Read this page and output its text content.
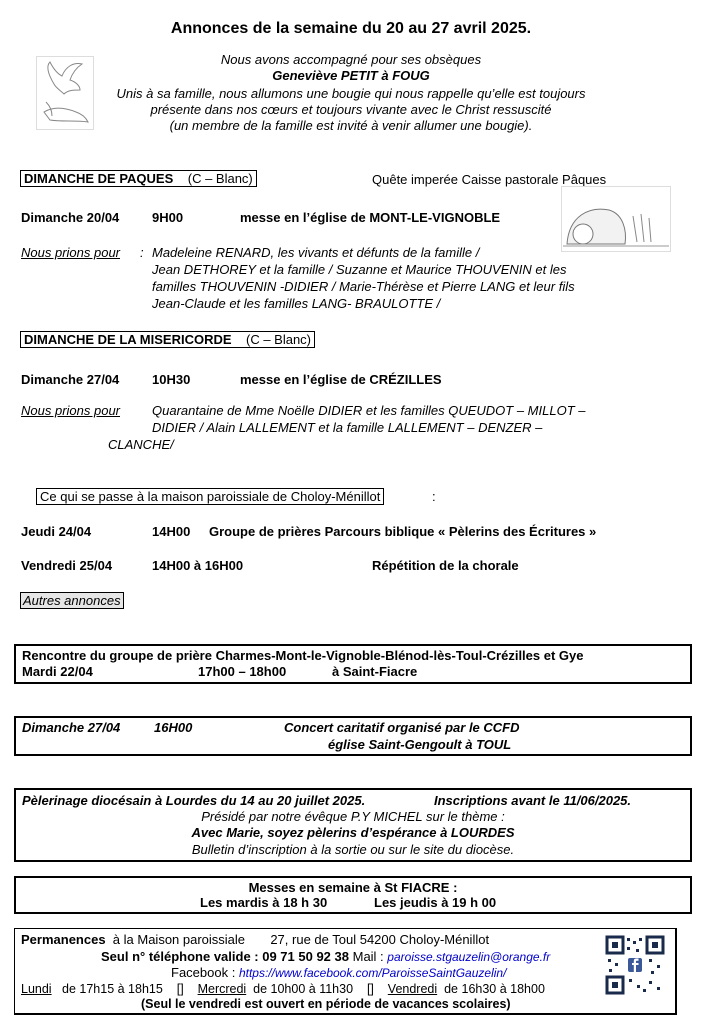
Annonces de la semaine du 20 au 27 avril 2025.
Nous avons accompagné pour ses obsèques
Geneviève PETIT à FOUG
Unis à sa famille, nous allumons une bougie qui nous rappelle qu’elle est toujours
présente dans nos cœurs et toujours vivante avec le Christ ressuscité
(un membre de la famille est invité à venir allumer une bougie).
DIMANCHE DE PAQUES (C – Blanc)	Quête imperée Caisse pastorale Pâques
Dimanche 20/04	9H00	messe en l’église de MONT-LE-VIGNOBLE
Nous prions pour : Madeleine RENARD, les vivants et défunts de la famille /
Jean DETHOREY et la famille / Suzanne et Maurice THOUVENIN et les
familles THOUVENIN -DIDIER / Marie-Thérèse et Pierre LANG et leur fils
Jean-Claude et les familles LANG- BRAULOTTE /
DIMANCHE DE LA MISERICORDE (C – Blanc)
Dimanche 27/04	10H30	messe en l’église de CRÉZILLES
Nous prions pour Quarantaine de Mme Noëlle DIDIER et les familles QUEUDOT – MILLOT –
DIDIER / Alain LALLEMENT et la famille LALLEMENT – DENZER –
CLANCHE/
Ce qui se passe à la maison paroissiale de Choloy-Ménillot	:
Jeudi 24/04	14H00 Groupe de prières Parcours biblique « Pèlerins des Écritures »
Vendredi 25/04	14H00 à 16H00	Répétition de la chorale
Autres annonces
Rencontre du groupe de prière Charmes-Mont-le-Vignoble-Blénod-lès-Toul-Crézilles et Gye
Mardi 22/04	17h00 – 18h00	à Saint-Fiacre
Dimanche 27/04	16H00	Concert caritatif organisé par le CCFD
église Saint-Gengoult à TOUL
Pèlerinage diocésain à Lourdes du 14 au 20 juillet 2025.	Inscriptions avant le 11/06/2025.
Présidé par notre évêque P.Y MICHEL sur le thème :
Avec Marie, soyez pèlerins d’espérance à LOURDES
Bulletin d’inscription à la sortie ou sur le site du diocèse.
Messes en semaine à St FIACRE :
Les mardis à 18 h 30	Les jeudis à 19 h 00
Permanences à la Maison paroissiale 27, rue de Toul 54200 Choloy-Ménillot
Seul n° téléphone valide : 09 71 50 92 38 Mail : paroisse.stgauzelin@orange.fr
Facebook : https://www.facebook.com/ParoisseSaintGauzelin/
Lundi de 17h15 à 18h15 [] Mercredi de 10h00 à 11h30 [] Vendredi de 16h30 à 18h00
(Seul le vendredi est ouvert en période de vacances scolaires)
